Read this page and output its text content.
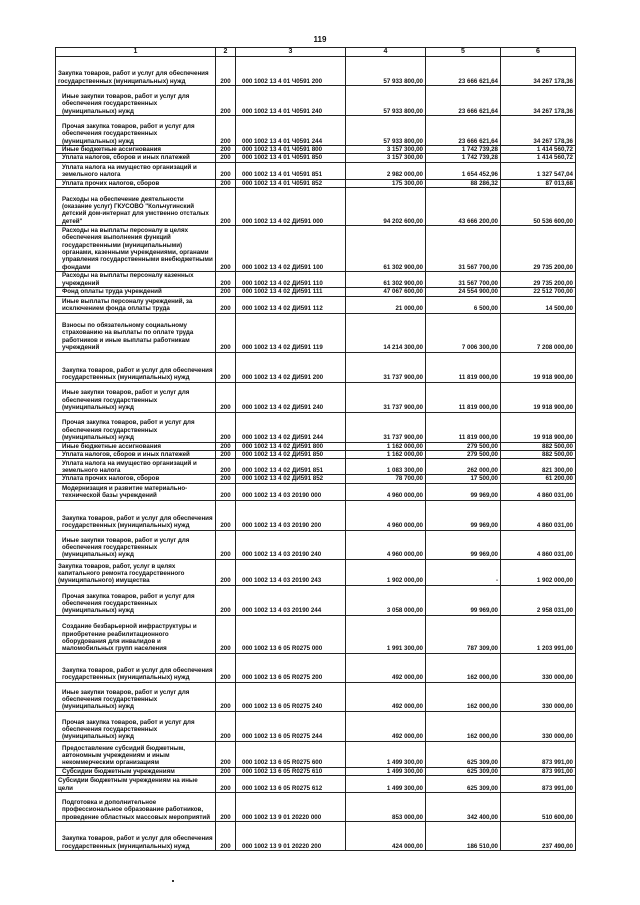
119
1	2	3	4	5	6
Закупка товаров, работ и услуг для обеспечения государственных (муниципальных) нужд	200	000 1002 13 4 01 Ч0591 200	57 933 800,00	23 666 621,64	34 267 178,36
Иные закупки товаров, работ и услуг для обеспечения государственных (муниципальных) нужд	200	000 1002 13 4 01 Ч0591 240	57 933 800,00	23 666 621,64	34 267 178,36
Прочая закупка товаров, работ и услуг для обеспечения государственных (муниципальных) нужд	200	000 1002 13 4 01 Ч0591 244	57 933 800,00	23 666 621,64	34 267 178,36
Иные бюджетные ассигнования	200	000 1002 13 4 01 Ч0591 800	3 157 300,00	1 742 739,28	1 414 560,72
Уплата налогов, сборов и иных платежей	200	000 1002 13 4 01 Ч0591 850	3 157 300,00	1 742 739,28	1 414 560,72
Уплата налога на имущество организаций и земельного налога	200	000 1002 13 4 01 Ч0591 851	2 982 000,00	1 654 452,96	1 327 547,04
Уплата прочих налогов, сборов	200	000 1002 13 4 01 Ч0591 852	175 300,00	88 286,32	87 013,68
Расходы на обеспечение деятельности (оказание услуг) ГКУСОВО "Кольчугинский детский дом-интернат для умственно отсталых детей"	200	000 1002 13 4 02 ДИ591 000	94 202 600,00	43 666 200,00	50 536 600,00
Расходы на выплаты персоналу в целях обеспечения выполнения функций государственными (муниципальными) органами, казенными учреждениями, органами управления государственными внебюджетными фондами	200	000 1002 13 4 02 ДИ591 100	61 302 900,00	31 567 700,00	29 735 200,00
Расходы на выплаты персоналу казенных учреждений	200	000 1002 13 4 02 ДИ591 110	61 302 900,00	31 567 700,00	29 735 200,00
Фонд оплаты труда учреждений	200	000 1002 13 4 02 ДИ591 111	47 067 600,00	24 554 900,00	22 512 700,00
Иные выплаты персоналу учреждений, за исключением фонда оплаты труда	200	000 1002 13 4 02 ДИ591 112	21 000,00	6 500,00	14 500,00
Взносы по обязательному социальному страхованию на выплаты по оплате труда работников и иные выплаты работникам учреждений	200	000 1002 13 4 02 ДИ591 119	14 214 300,00	7 006 300,00	7 208 000,00
Закупка товаров, работ и услуг для обеспечения государственных (муниципальных) нужд	200	000 1002 13 4 02 ДИ591 200	31 737 900,00	11 819 000,00	19 918 900,00
Иные закупки товаров, работ и услуг для обеспечения государственных (муниципальных) нужд	200	000 1002 13 4 02 ДИ591 240	31 737 900,00	11 819 000,00	19 918 900,00
Прочая закупка товаров, работ и услуг для обеспечения государственных (муниципальных) нужд	200	000 1002 13 4 02 ДИ591 244	31 737 900,00	11 819 000,00	19 918 900,00
Иные бюджетные ассигнования	200	000 1002 13 4 02 ДИ591 800	1 162 000,00	279 500,00	882 500,00
Уплата налогов, сборов и иных платежей	200	000 1002 13 4 02 ДИ591 850	1 162 000,00	279 500,00	882 500,00
Уплата налога на имущество организаций и земельного налога	200	000 1002 13 4 02 ДИ591 851	1 083 300,00	262 000,00	821 300,00
Уплата прочих налогов, сборов	200	000 1002 13 4 02 ДИ591 852	78 700,00	17 500,00	61 200,00
Модернизация и развитие материально-технической базы учреждений	200	000 1002 13 4 03 20190 000	4 960 000,00	99 969,00	4 860 031,00
Закупка товаров, работ и услуг для обеспечения государственных (муниципальных) нужд	200	000 1002 13 4 03 20190 200	4 960 000,00	99 969,00	4 860 031,00
Иные закупки товаров, работ и услуг для обеспечения государственных (муниципальных) нужд	200	000 1002 13 4 03 20190 240	4 960 000,00	99 969,00	4 860 031,00
Закупка товаров, работ, услуг в целях капитального ремонта государственного (муниципального) имущества	200	000 1002 13 4 03 20190 243	1 902 000,00	-	1 902 000,00
Прочая закупка товаров, работ и услуг для обеспечения государственных (муниципальных) нужд	200	000 1002 13 4 03 20190 244	3 058 000,00	99 969,00	2 958 031,00
Создание безбарьерной инфраструктуры и приобретение реабилитационного оборудования для инвалидов и маломобильных групп населения	200	000 1002 13 6 05 R0275 000	1 991 300,00	787 309,00	1 203 991,00
Закупка товаров, работ и услуг для обеспечения государственных (муниципальных) нужд	200	000 1002 13 6 05 R0275 200	492 000,00	162 000,00	330 000,00
Иные закупки товаров, работ и услуг для обеспечения государственных (муниципальных) нужд	200	000 1002 13 6 05 R0275 240	492 000,00	162 000,00	330 000,00
Прочая закупка товаров, работ и услуг для обеспечения государственных (муниципальных) нужд	200	000 1002 13 6 05 R0275 244	492 000,00	162 000,00	330 000,00
Предоставление субсидий бюджетным, автономным учреждениям и иным некоммерческим организациям	200	000 1002 13 6 05 R0275 600	1 499 300,00	625 309,00	873 991,00
Субсидии бюджетным учреждениям	200	000 1002 13 6 05 R0275 610	1 499 300,00	625 309,00	873 991,00
Субсидии бюджетным учреждениям на иные цели	200	000 1002 13 6 05 R0275 612	1 499 300,00	625 309,00	873 991,00
Подготовка и дополнительное профессиональное образование работников, проведение областных массовых мероприятий	200	000 1002 13 9 01 20220 000	853 000,00	342 400,00	510 600,00
Закупка товаров, работ и услуг для обеспечения государственных (муниципальных) нужд	200	000 1002 13 9 01 20220 200	424 000,00	186 510,00	237 490,00
